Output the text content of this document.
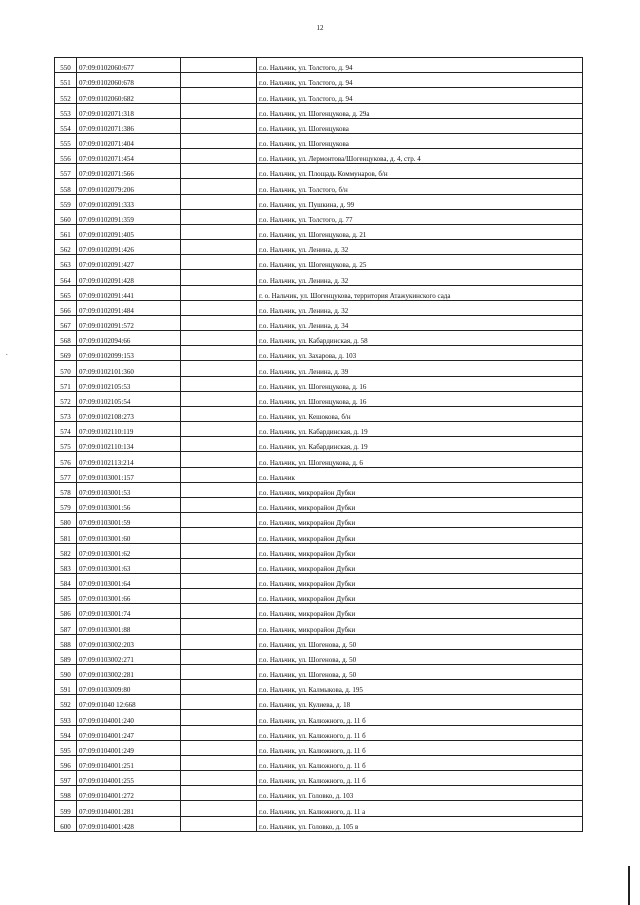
12
.
550	07:09:0102060:677		г.о. Нальчик, ул. Толстого, д. 94
551	07:09:0102060:678		г.о. Нальчик, ул. Толстого, д. 94
552	07:09:0102060:682		г.о. Нальчик, ул. Толстого, д. 94
553	07:09:0102071:318		г.о. Нальчик, ул. Шогенцукова, д. 29а
554	07:09:0102071:386		г.о. Нальчик, ул. Шогенцукова
555	07:09:0102071:404		г.о. Нальчик, ул. Шогенцукова
556	07:09:0102071:454		г.о. Нальчик, ул. Лермонтова/Шогенцукова, д. 4, стр. 4
557	07:09:0102071:566		г.о. Нальчик, ул. Площадь Коммунаров, б/н
558	07:09:0102079:206		г.о. Нальчик, ул. Толстого, б/н
559	07:09:0102091:333		г.о. Нальчик, ул. Пушкина, д. 99
560	07:09:0102091:359		г.о. Нальчик, ул. Толстого, д. 77
561	07:09:0102091:405		г.о. Нальчик, ул. Шогенцукова, д. 21
562	07:09:0102091:426		г.о. Нальчик, ул. Ленина, д. 32
563	07:09:0102091:427		г.о. Нальчик, ул. Шогенцукова, д. 25
564	07:09:0102091:428		г.о. Нальчик, ул. Ленина, д. 32
565	07:09:0102091:441		г. о. Нальчик, ул. Шогенцукова, территория Атажукинского сада
566	07:09:0102091:484		г.о. Нальчик, ул. Ленина, д. 32
567	07:09:0102091:572		г.о. Нальчик, ул. Ленина, д. 34
568	07:09:0102094:66		г.о. Нальчик, ул. Кабардинская, д. 58
569	07:09:0102099:153		г.о. Нальчик, ул. Захарова, д. 103
570	07:09:0102101:360		г.о. Нальчик, ул. Ленина, д. 39
571	07:09:0102105:53		г.о. Нальчик, ул. Шогенцукова, д. 16
572	07:09:0102105:54		г.о. Нальчик, ул. Шогенцукова, д. 16
573	07:09:0102108:273		г.о. Нальчик, ул. Кешокова, б/н
574	07:09:0102110:119		г.о. Нальчик, ул. Кабардинская, д. 19
575	07:09:0102110:134		г.о. Нальчик, ул. Кабардинская, д. 19
576	07:09:0102113:214		г.о. Нальчик, ул. Шогенцукова, д. 6
577	07:09:0103001:157		г.о. Нальчик
578	07:09:0103001:53		г.о. Нальчик, микрорайон Дубки
579	07:09:0103001:56		г.о. Нальчик, микрорайон Дубки
580	07:09:0103001:59		г.о. Нальчик, микрорайон Дубки
581	07:09:0103001:60		г.о. Нальчик, микрорайон Дубки
582	07:09:0103001:62		г.о. Нальчик, микрорайон Дубки
583	07:09:0103001:63		г.о. Нальчик, микрорайон Дубки
584	07:09:0103001:64		г.о. Нальчик, микрорайон Дубки
585	07:09:0103001:66		г.о. Нальчик, микрорайон Дубки
586	07:09:0103001:74		г.о. Нальчик, микрорайон Дубки
587	07:09:0103001:88		г.о. Нальчик, микрорайон Дубки
588	07:09:0103002:203		г.о. Нальчик, ул. Шогенова, д. 50
589	07:09:0103002:271		г.о. Нальчик, ул. Шогенова, д. 50
590	07:09:0103002:281		г.о. Нальчик, ул. Шогенова, д. 50
591	07:09:0103009:80		г.о. Нальчик, ул. Калмыкова, д. 195
592	07:09:01040 12:668		г.о. Нальчик, ул. Кулиева, д. 18
593	07:09:0104001:240		г.о. Нальчик, ул. Калюжного, д. 11 б
594	07:09:0104001:247		г.о. Нальчик, ул. Калюжного, д. 11 б
595	07:09:0104001:249		г.о. Нальчик, ул. Калюжного, д. 11 б
596	07:09:0104001:251		г.о. Нальчик, ул. Калюжного, д. 11 б
597	07:09:0104001:255		г.о. Нальчик, ул. Калюжного, д. 11 б
598	07:09:0104001:272		г.о. Нальчик, ул. Головко, д. 103
599	07:09:0104001:281		г.о. Нальчик, ул. Калюжного, д. 11 а
600	07:09:0104001:428		г.о. Нальчик, ул. Головко, д. 105 в
